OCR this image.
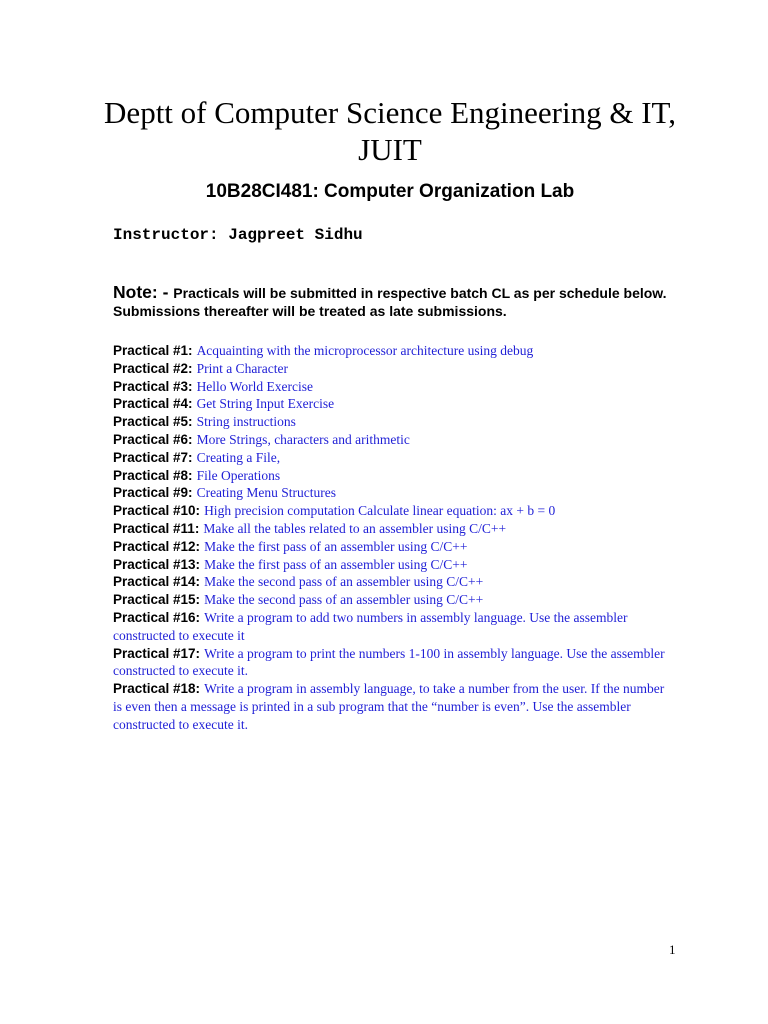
Deptt of Computer Science Engineering & IT, JUIT
10B28CI481: Computer Organization Lab

Instructor: Jagpreet Sidhu

Note: - Practicals will be submitted in respective batch CL as per schedule below. Submissions thereafter will be treated as late submissions.

Practical #1: Acquainting with the microprocessor architecture using debug
Practical #2: Print a Character
Practical #3: Hello World Exercise
Practical #4: Get String Input Exercise
Practical #5: String instructions
Practical #6: More Strings, characters and arithmetic
Practical #7: Creating a File,
Practical #8: File Operations
Practical #9: Creating Menu Structures
Practical #10: High precision computation Calculate linear equation: ax + b = 0
Practical #11: Make all the tables related to an assembler using C/C++
Practical #12: Make the first pass of an assembler using C/C++
Practical #13: Make the first pass of an assembler using C/C++
Practical #14: Make the second pass of an assembler using C/C++
Practical #15: Make the second pass of an assembler using C/C++
Practical #16: Write a program to add two numbers in assembly language. Use the assembler constructed to execute it
Practical #17: Write a program to print the numbers 1-100 in assembly language. Use the assembler constructed to execute it.
Practical #18: Write a program in assembly language, to take a number from the user. If the number is even then a message is printed in a sub program that the “number is even”. Use the assembler constructed to execute it.
1
